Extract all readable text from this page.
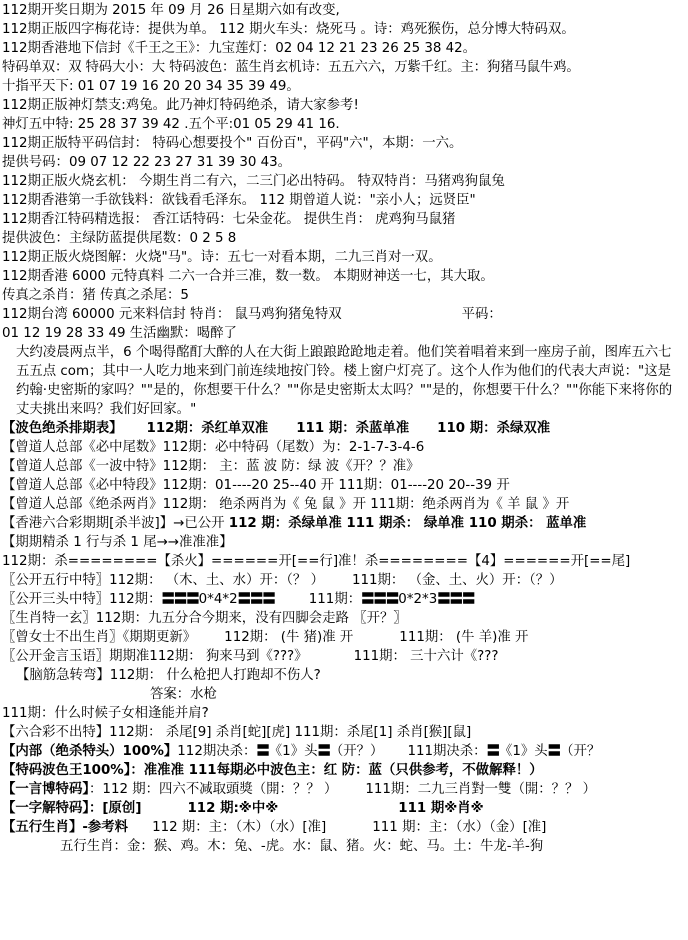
112期开奖日期为 2015 年 09 月 26 日星期六如有改变,
112期正版四字梅花诗：提供为单。 112 期火车头：烧死马 。诗：鸡死猴伤，总分博大特码双。
112期香港地下信封《千王之王》：九宝莲灯：02 04 12 21 23 26 25 38 42。
特码单双：双 特码大小：大 特码波色：蓝生肖玄机诗：五五六六，万紫千红。主：狗猪马鼠牛鸡。
十指平天下: 01 07 19 16 20 20 34 35 39 49。
112期正版神灯禁支:鸡兔。此乃神灯特码绝杀，请大家参考!
神灯五中特: 25 28 37 39 42 .五个平:01 05 29 41 16.
112期正版特平码信封： 特码心想要投个" 百份百"，平码"六"，本期：一六。
提供号码：09 07 12 22 23 27 31 39 30 43。
112期正版火烧玄机： 今期生肖二有六，二三门必出特码。 特双特肖：马猪鸡狗鼠兔
112期香港第一手欲钱料：欲钱看毛泽东。 112 期曾道人说："亲小人；远贤臣"
112期香江特码精选报： 香江话特码：七朵金花。 提供生肖： 虎鸡狗马鼠猪
提供波色：主绿防蓝提供尾数：0 2 5 8
112期正版火烧图解：火烧"马"。诗：五七一对看本期，二九三肖对一双。
112期香港 6000 元特真料 二六一合并三准，数一数。 本期财神送一七，其大取。
传真之杀肖：猪 传真之杀尾：5
112期台湾 60000 元来料信封 特肖： 鼠马鸡狗猪兔特双	平码：
01 12 19 28 33 49 生活幽默：喝醉了
大约凌晨两点半，6 个喝得酩酊大醉的人在大街上踉踉跄跄地走着。他们笑着唱着来到一座房子前，图库五六七五五点 com；其中一人吃力地来到门前连续地按门铃。楼上窗户灯亮了。这个人作为他们的代表大声说："这是约翰·史密斯的家吗？""是的，你想要干什么？""你是史密斯太太吗？""是的，你想要干什么？""你能下来将你的丈夫挑出来吗？我们好回家。"
【波色绝杀排期表】 112期：杀红单双准 111 期：杀蓝单准 110 期：杀绿双准
【曾道人总部《必中尾数》112期：必中特码（尾数）为：2-1-7-3-4-6
【曾道人总部《一波中特》112期： 主：蓝 波 防：绿 波《开？？准》
【曾道人总部《必中特段》112期：01----20 25--40 开 111期：01----20 20--39 开
【曾道人总部《绝杀两肖》112期： 绝杀两肖为《 兔 鼠 》开 111期：绝杀两肖为《 羊 鼠 》开
【香港六合彩期期[杀半波]】→已公开 112 期：杀绿单准 111 期杀： 绿单准 110 期杀： 蓝单准
【期期精杀 1 行与杀 1 尾→→准准准】
112期：杀========【杀火】======开[==行]准！杀========【4】======开[==尾]
〖公开五行中特〗112期： （木、土、水）开：（？ ） 111期： （金、土、火）开：（？）
〖公开三头中特〗112期：〓〓〓0*4*2〓〓〓	111期：〓〓〓0*2*3〓〓〓
〖生肖特一玄〗112期：九五分合今期来，没有四脚会走路 〖开？〗
〖曾女士不出生肖〗《期期更新》 112期： (牛 猪)准 开	111期： (牛 羊)准 开
〖公开金言玉语〗期期准112期： 狗来马到《???》	111期： 三十六计《???
【脑筋急转弯】112期： 什么枪把人打跑却不伤人?
答案：水枪
111期：什么时候子女相逢能并肩?
【六合彩不出特】112期： 杀尾[9] 杀肖[蛇][虎] 111期：杀尾[1] 杀肖[猴][鼠]
【内部（绝杀特头）100%】112期决杀：〓《1》头〓（开？） 111期决杀：〓《1》头〓（开？
【特码波色王100%】：准准准 111每期必中波色主：红 防：蓝（只供参考，不做解释！）
【一言博特码】：112 期：四六不减取頭獎（開：？？ ） 111期：二九三肖對一雙（開：？？ ）
【一字解特码】：[原创]	112 期:※中※	111 期※肖※
【五行生肖】-参考料 112 期：主：（木）（水）[准]	111 期：主：（水）（金）[准]
五行生肖：金：猴、鸡。木：兔、-虎。水：鼠、猪。火：蛇、马。土：牛龙-羊-狗
